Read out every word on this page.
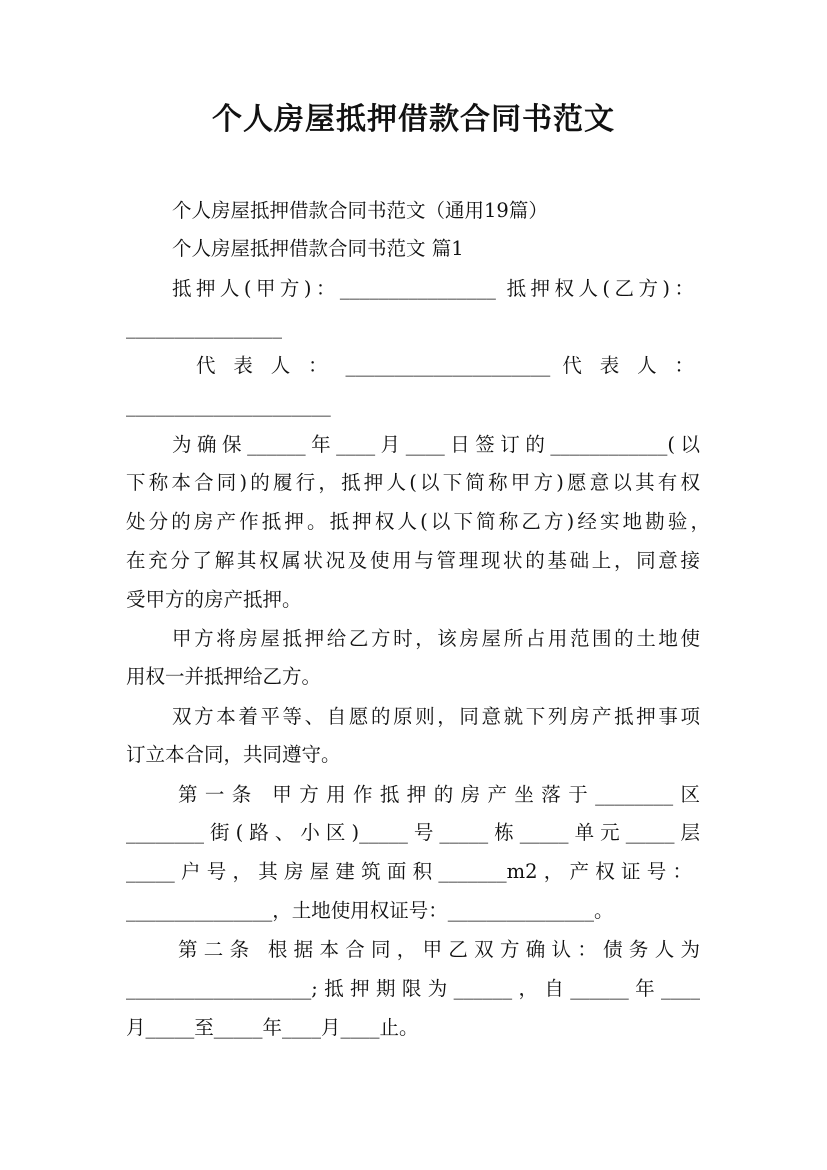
个人房屋抵押借款合同书范文
个人房屋抵押借款合同书范文（通用19篇）
个人房屋抵押借款合同书范文 篇1
抵押人(甲方)：________________ 抵押权人(乙方)：
________________
代 表 人 ： _____________________ 代 表 人 ：
_____________________
为确保______年____月____日签订的____________(以
下称本合同)的履行，抵押人(以下简称甲方)愿意以其有权
处分的房产作抵押。抵押权人(以下简称乙方)经实地勘验，
在充分了解其权属状况及使用与管理现状的基础上，同意接
受甲方的房产抵押。
甲方将房屋抵押给乙方时，该房屋所占用范围的土地使
用权一并抵押给乙方。
双方本着平等、自愿的原则，同意就下列房产抵押事项
订立本合同，共同遵守。
第一条 甲方用作抵押的房产坐落于________区
________街(路、小区)_____号_____栋_____单元_____层
_____户号，其房屋建筑面积_______m2，产权证号：
_______________，土地使用权证号：_______________。
第二条 根据本合同，甲乙双方确认：债务人为
___________________;抵押期限为______，自______年____
月_____至_____年____月____止。
